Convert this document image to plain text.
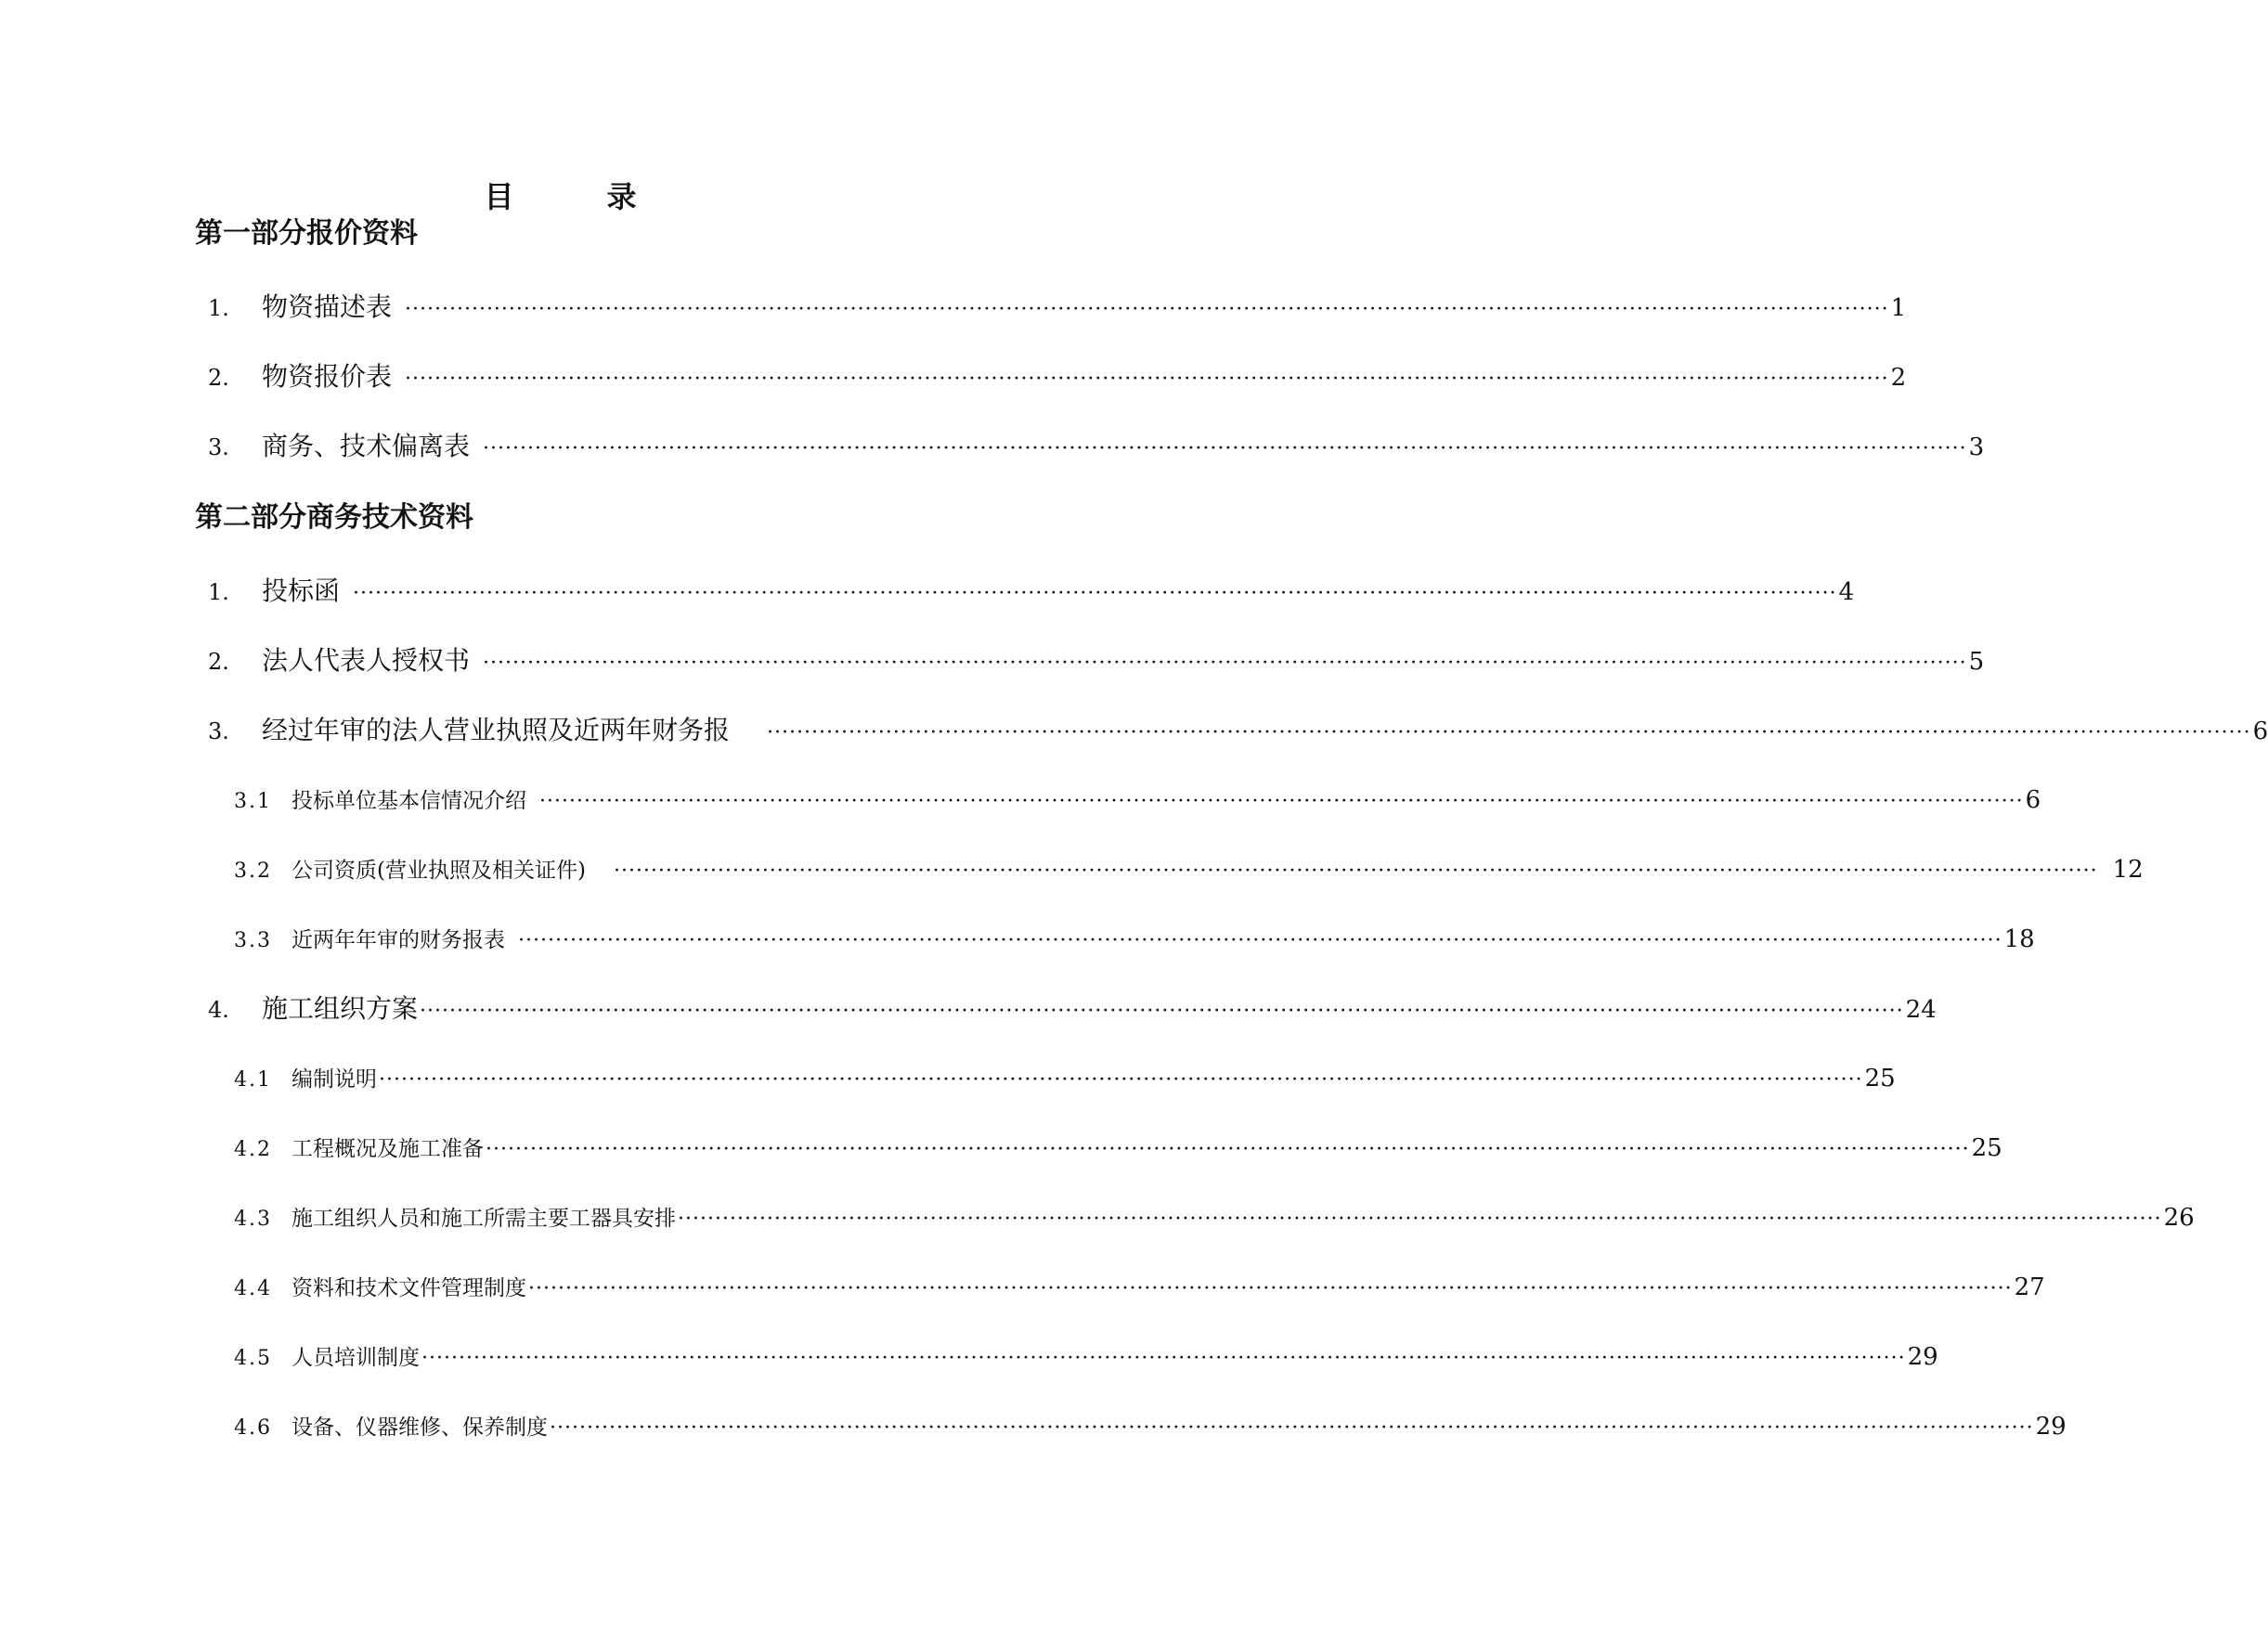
目　录
第一部分报价资料
1.	物资描述表 ········································································································································································································ 1
2.	物资报价表 ········································································································································································································ 2
3.	商务、技术偏离表 ········································································································································································································ 3
第二部分商务技术资料
1.	投标函 ········································································································································································································ 4
2.	法人代表人授权书 ········································································································································································································ 5
3.	经过年审的法人营业执照及近两年财务报 ········································································································································································································ 6
3.1 投标单位基本信情况介绍 ········································································································································································································ 6
3.2 公司资质(营业执照及相关证件) ········································································································································································································ 12
3.3 近两年年审的财务报表 ········································································································································································································ 18
4.	施工组织方案 ········································································································································································································ 24
4.1 编制说明 ········································································································································································································ 25
4.2 工程概况及施工准备 ········································································································································································································ 25
4.3 施工组织人员和施工所需主要工器具安排 ········································································································································································································ 26
4.4 资料和技术文件管理制度 ········································································································································································································ 27
4.5 人员培训制度 ········································································································································································································ 29
4.6 设备、仪器维修、保养制度 ········································································································································································································ 29
